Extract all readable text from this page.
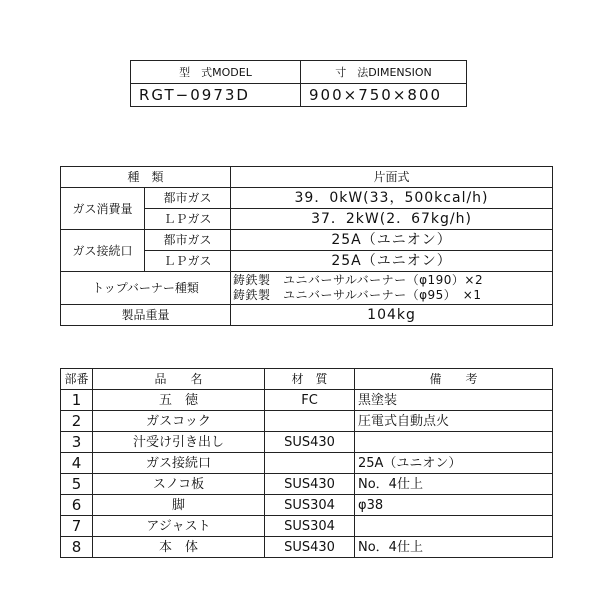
型　式MODEL	寸　法DIMENSION
RGT−0973D	900×750×800
種　類		片面式
ガス消費量	都市ガス	39．0kW(33，500kcal/h)
	ＬＰガス	37．2kW(2．67kg/h)
ガス接続口	都市ガス	25A（ユニオン）
	ＬＰガス	25A（ユニオン）
トップバーナー種類		鋳鉄製　ユニバーサルバーナー（φ190）×2
鋳鉄製　ユニバーサルバーナー（φ95）　×1

製品重量		104kg
部番	品　　名	材　質	備　　考
1	五　徳	FC	黒塗装
2	ガスコック		圧電式自動点火
3	汁受け引き出し	SUS430	
4	ガス接続口		25A（ユニオン）
5	スノコ板	SUS430	No．4仕上
6	脚	SUS304	φ38
7	アジャスト	SUS304	
8	本　体	SUS430	No．4仕上
